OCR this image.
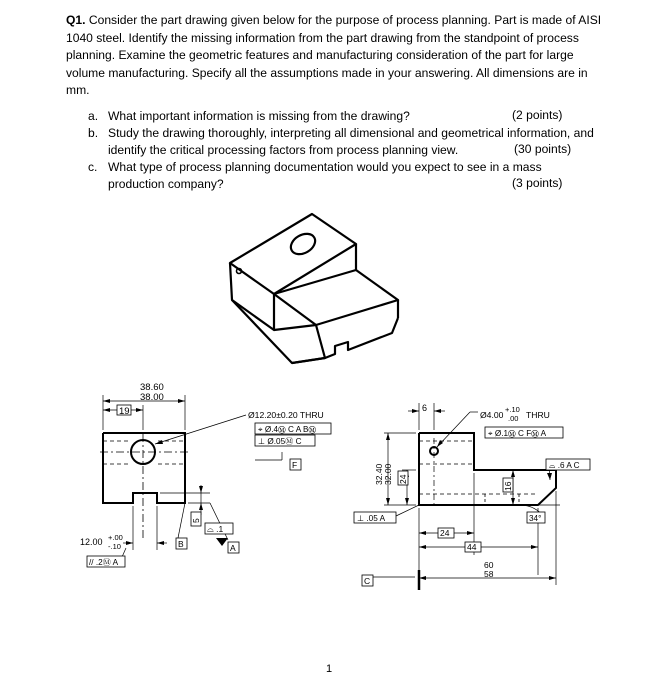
Q1. Consider the part drawing given below for the purpose of process planning. Part is made of AISI 1040 steel. Identify the missing information from the part drawing from the standpoint of process planning. Examine the geometric features and manufacturing consideration of the part for large volume manufacturing. Specify all the assumptions made in your answering. All dimensions are in mm.
a. What important information is missing from the drawing?	(2 points)
b. Study the drawing thoroughly, interpreting all dimensional and geometrical information, and identify the critical processing factors from process planning view.	(30 points)
c. What type of process planning documentation would you expect to see in a mass production company?	(3 points)
38.60
38.00
19	Ø12.20±0.20 THRU
⌖ Ø.4Ⓜ C A BⓂ
⊥ Ø.05Ⓜ C
F
5
⌓ .1
A
B
12.00 +.00
-.10
// .2Ⓜ A
6
Ø4.00
+.10
.00 THRU
⌖ Ø.1Ⓜ C FⓂ A
⌓ .6 A C
32.40 32.00 24
16
34°
⊥ .05 A
24
44
60
58
C
1
